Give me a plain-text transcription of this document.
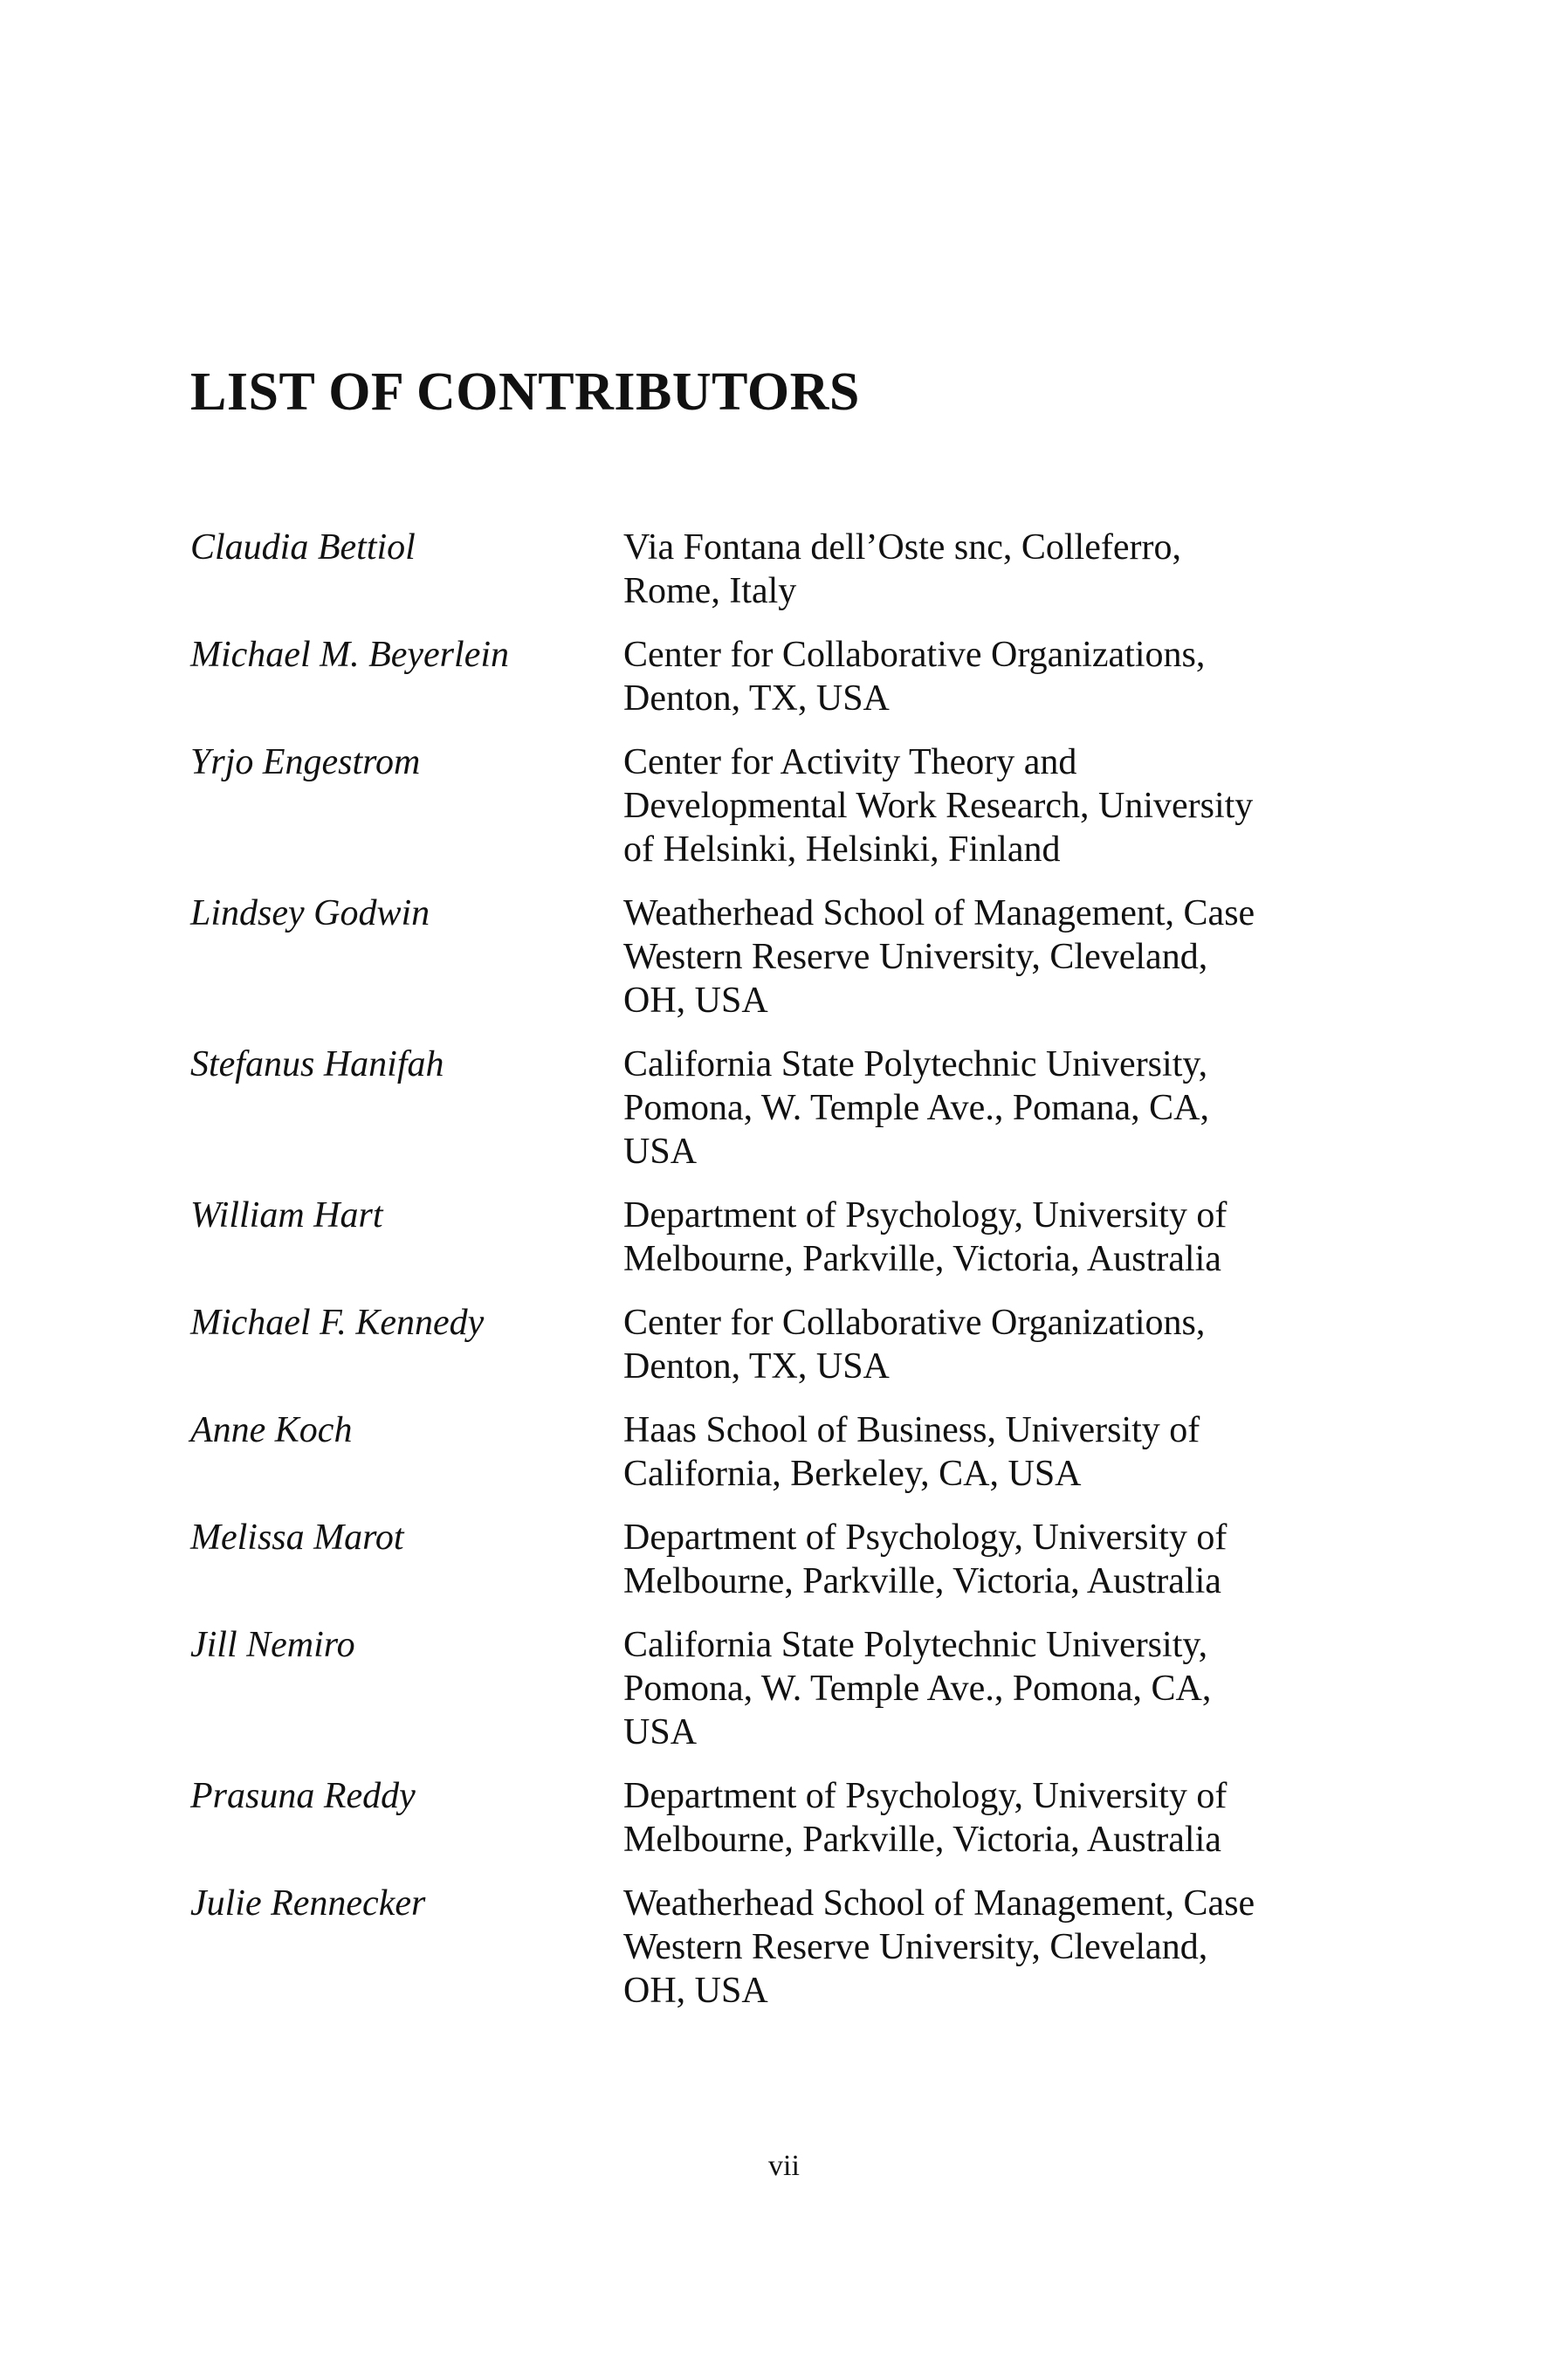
LIST OF CONTRIBUTORS
Claudia Bettiol	Via Fontana dell’Oste snc, Colleferro,
Rome, Italy
Michael M. Beyerlein	Center for Collaborative Organizations,
Denton, TX, USA
Yrjo Engestrom	Center for Activity Theory and
Developmental Work Research, University
of Helsinki, Helsinki, Finland
Lindsey Godwin	Weatherhead School of Management, Case
Western Reserve University, Cleveland,
OH, USA
Stefanus Hanifah	California State Polytechnic University,
Pomona, W. Temple Ave., Pomana, CA,
USA
William Hart	Department of Psychology, University of
Melbourne, Parkville, Victoria, Australia
Michael F. Kennedy	Center for Collaborative Organizations,
Denton, TX, USA
Anne Koch	Haas School of Business, University of
California, Berkeley, CA, USA
Melissa Marot	Department of Psychology, University of
Melbourne, Parkville, Victoria, Australia
Jill Nemiro	California State Polytechnic University,
Pomona, W. Temple Ave., Pomona, CA,
USA
Prasuna Reddy	Department of Psychology, University of
Melbourne, Parkville, Victoria, Australia
Julie Rennecker	Weatherhead School of Management, Case
Western Reserve University, Cleveland,
OH, USA
vii
